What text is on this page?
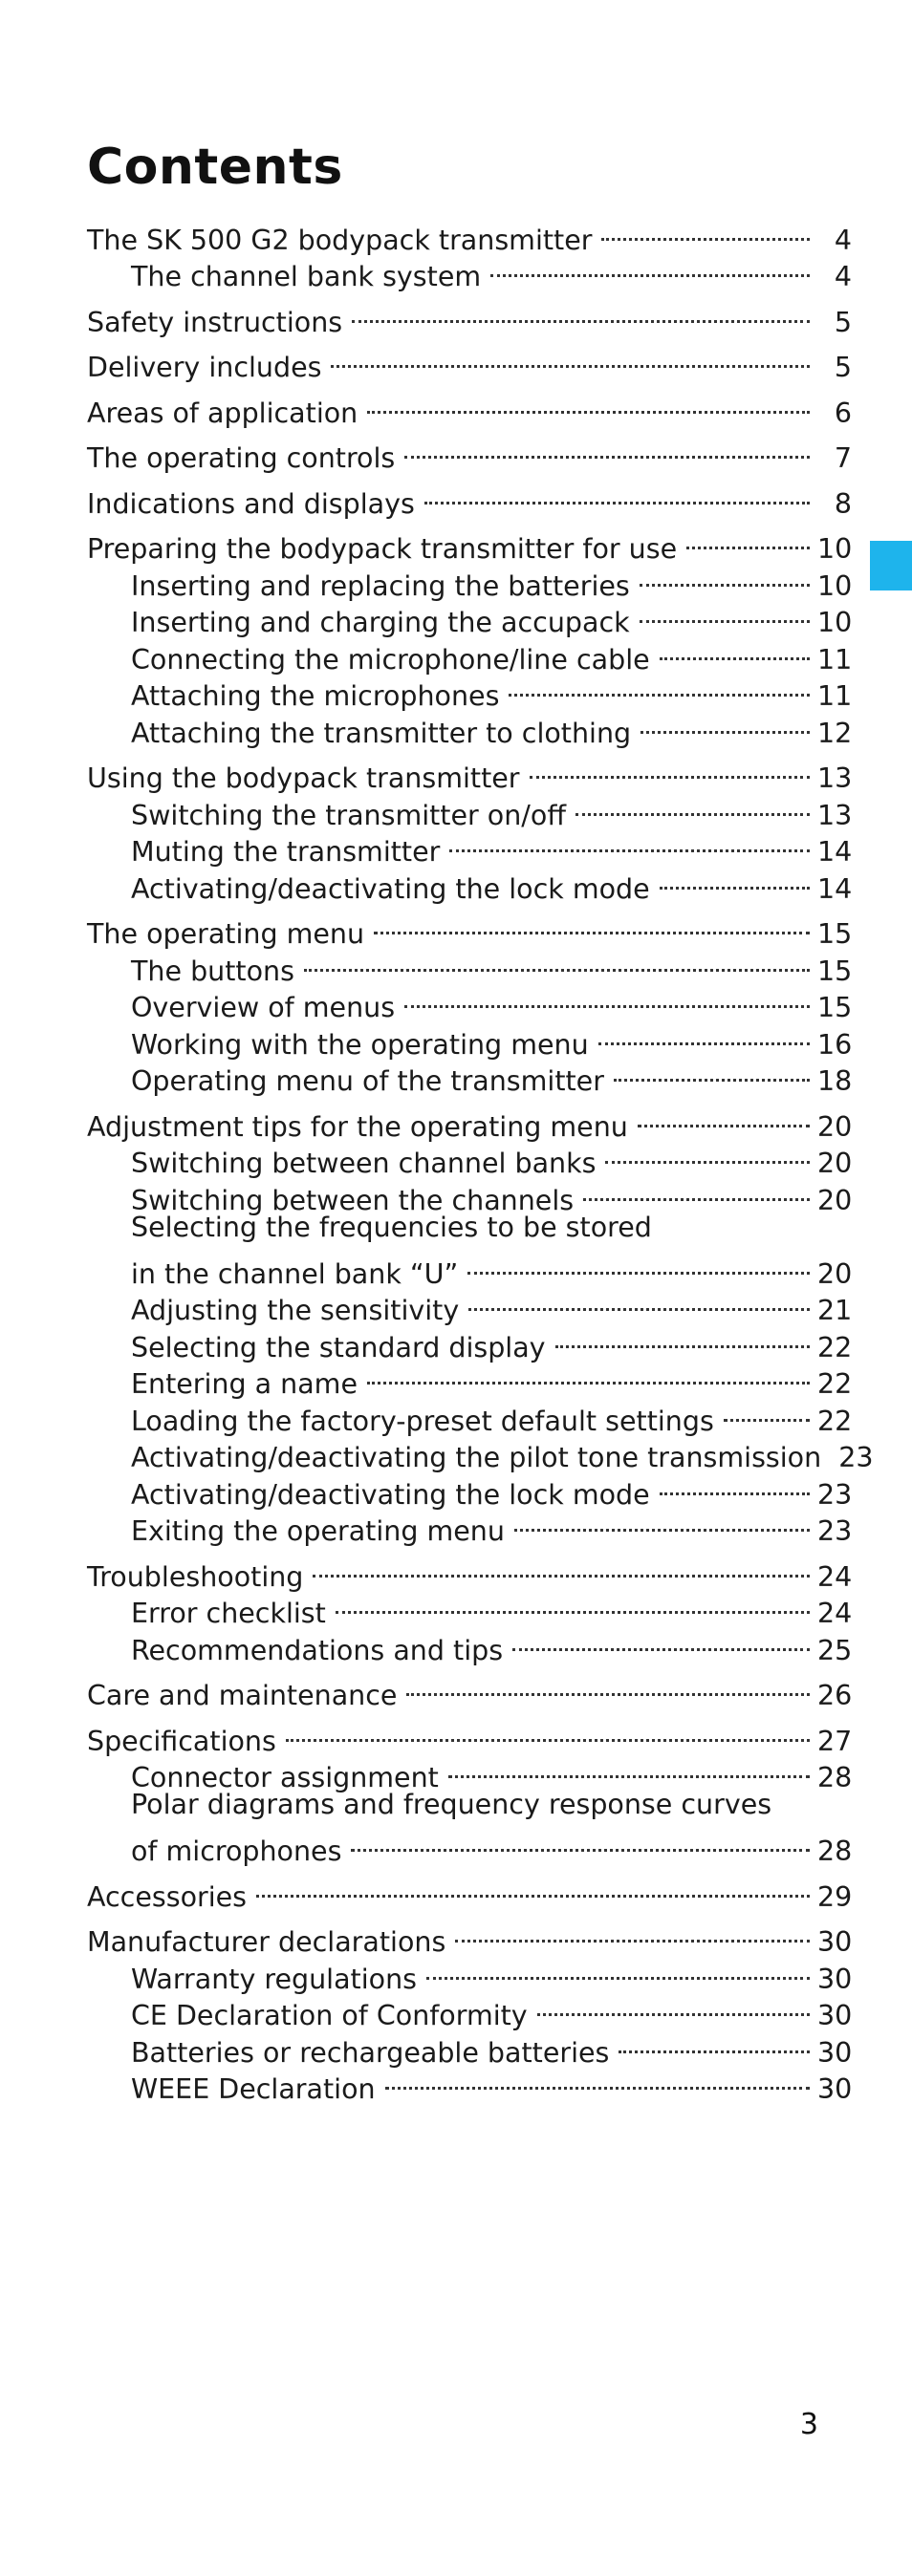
Contents
The SK 500 G2 bodypack transmitter	4
The channel bank system	4
Safety instructions	5
Delivery includes	5
Areas of application	6
The operating controls	7
Indications and displays	8
Preparing the bodypack transmitter for use	10
Inserting and replacing the batteries	10
Inserting and charging the accupack	10
Connecting the microphone/line cable	11
Attaching the microphones	11
Attaching the transmitter to clothing	12
Using the bodypack transmitter	13
Switching the transmitter on/off	13
Muting the transmitter	14
Activating/deactivating the lock mode	14
The operating menu	15
The buttons	15
Overview of menus	15
Working with the operating menu	16
Operating menu of the transmitter	18
Adjustment tips for the operating menu	20
Switching between channel banks	20
Switching between the channels	20
Selecting the frequencies to be stored
in the channel bank “U”	20
Adjusting the sensitivity	21
Selecting the standard display	22
Entering a name	22
Loading the factory-preset default settings	22
Activating/deactivating the pilot tone transmission 23
Activating/deactivating the lock mode	23
Exiting the operating menu	23
Troubleshooting	24
Error checklist	24
Recommendations and tips	25
Care and maintenance	26
Specifications	27
Connector assignment	28
Polar diagrams and frequency response curves
of microphones	28
Accessories	29
Manufacturer declarations	30
Warranty regulations	30
CE Declaration of Conformity	30
Batteries or rechargeable batteries	30
WEEE Declaration	30
3
